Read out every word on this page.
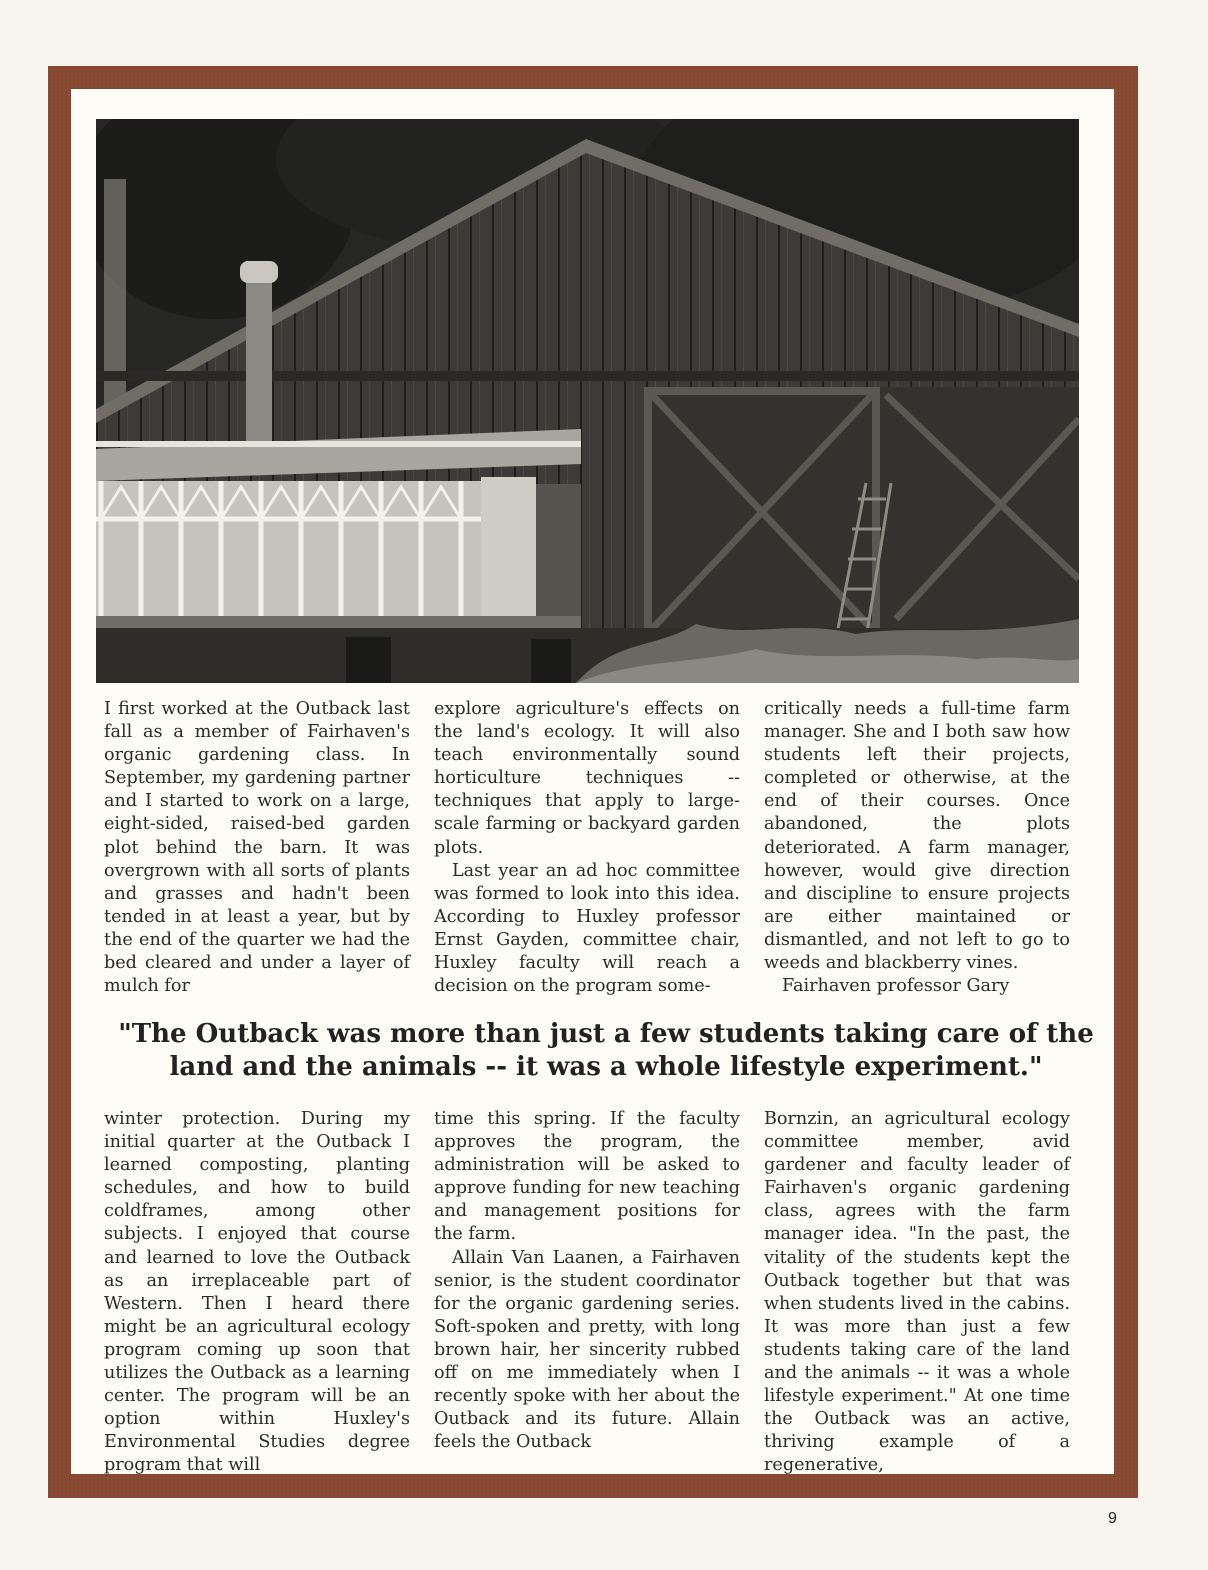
I first worked at the Outback last fall as a member of Fairhaven's organic gardening class. In September, my gardening partner and I started to work on a large, eight-sided, raised-bed garden plot behind the barn. It was overgrown with all sorts of plants and grasses and hadn't been tended in at least a year, but by the end of the quarter we had the bed cleared and under a layer of mulch for

explore agriculture's effects on the land's ecology. It will also teach environmentally sound horticulture techniques -- techniques that apply to large-scale farming or backyard garden plots.

Last year an ad hoc committee was formed to look into this idea. According to Huxley professor Ernst Gayden, committee chair, Huxley faculty will reach a decision on the program some-

critically needs a full-time farm manager. She and I both saw how students left their projects, completed or otherwise, at the end of their courses. Once abandoned, the plots deteriorated. A farm manager, however, would give direction and discipline to ensure projects are either maintained or dismantled, and not left to go to weeds and blackberry vines.

Fairhaven professor Gary

"The Outback was more than just a few students taking care of the land and the animals -- it was a whole lifestyle experiment."

winter protection. During my initial quarter at the Outback I learned composting, planting schedules, and how to build coldframes, among other subjects. I enjoyed that course and learned to love the Outback as an irreplaceable part of Western. Then I heard there might be an agricultural ecology program coming up soon that utilizes the Outback as a learning center. The program will be an option within Huxley's Environmental Studies degree program that will

time this spring. If the faculty approves the program, the administration will be asked to approve funding for new teaching and management positions for the farm.

Allain Van Laanen, a Fairhaven senior, is the student coordinator for the organic gardening series. Soft-spoken and pretty, with long brown hair, her sincerity rubbed off on me immediately when I recently spoke with her about the Outback and its future. Allain feels the Outback

Bornzin, an agricultural ecology committee member, avid gardener and faculty leader of Fairhaven's organic gardening class, agrees with the farm manager idea. "In the past, the vitality of the students kept the Outback together but that was when students lived in the cabins. It was more than just a few students taking care of the land and the animals -- it was a whole lifestyle experiment." At one time the Outback was an active, thriving example of a regenerative,

9
